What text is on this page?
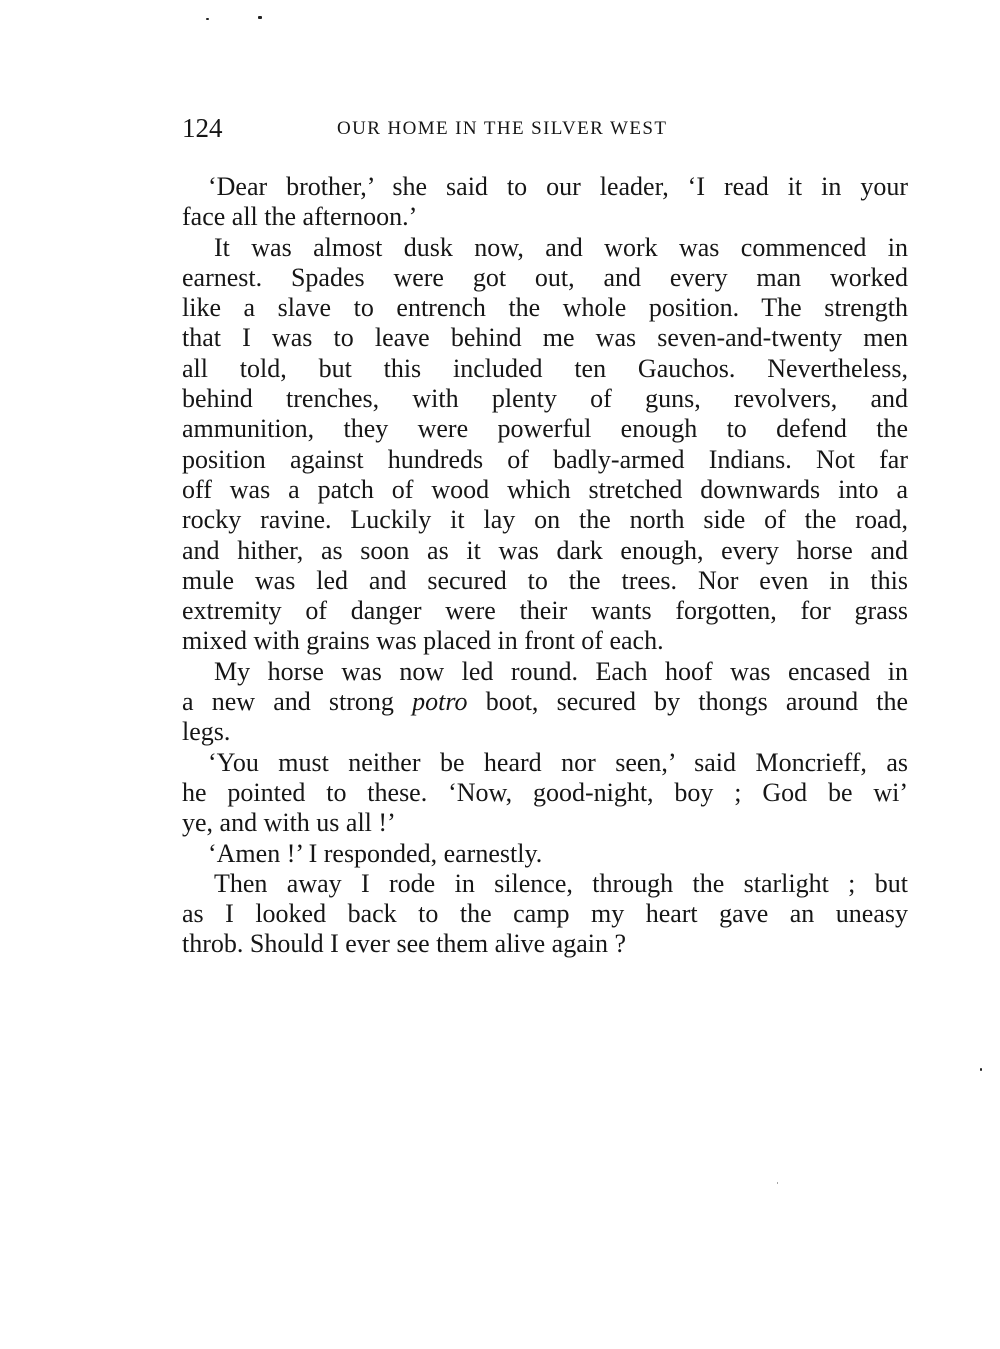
124	OUR HOME IN THE SILVER WEST
‘Dear brother,’ she said to our leader, ‘I read it in your
face all the afternoon.’
It was almost dusk now, and work was commenced in
earnest. Spades were got out, and every man worked
like a slave to entrench the whole position. The strength
that I was to leave behind me was seven-and-twenty men
all told, but this included ten Gauchos. Nevertheless,
behind trenches, with plenty of guns, revolvers, and
ammunition, they were powerful enough to defend the
position against hundreds of badly-armed Indians. Not far
off was a patch of wood which stretched downwards into a
rocky ravine. Luckily it lay on the north side of the road,
and hither, as soon as it was dark enough, every horse and
mule was led and secured to the trees. Nor even in this
extremity of danger were their wants forgotten, for grass
mixed with grains was placed in front of each.
My horse was now led round. Each hoof was encased in
a new and strong potro boot, secured by thongs around the
legs.
‘You must neither be heard nor seen,’ said Moncrieff, as
he pointed to these. ‘Now, good-night, boy ; God be wi’
ye, and with us all !’
‘Amen !’ I responded, earnestly.
Then away I rode in silence, through the starlight ; but
as I looked back to the camp my heart gave an uneasy
throb. Should I ever see them alive again ?
